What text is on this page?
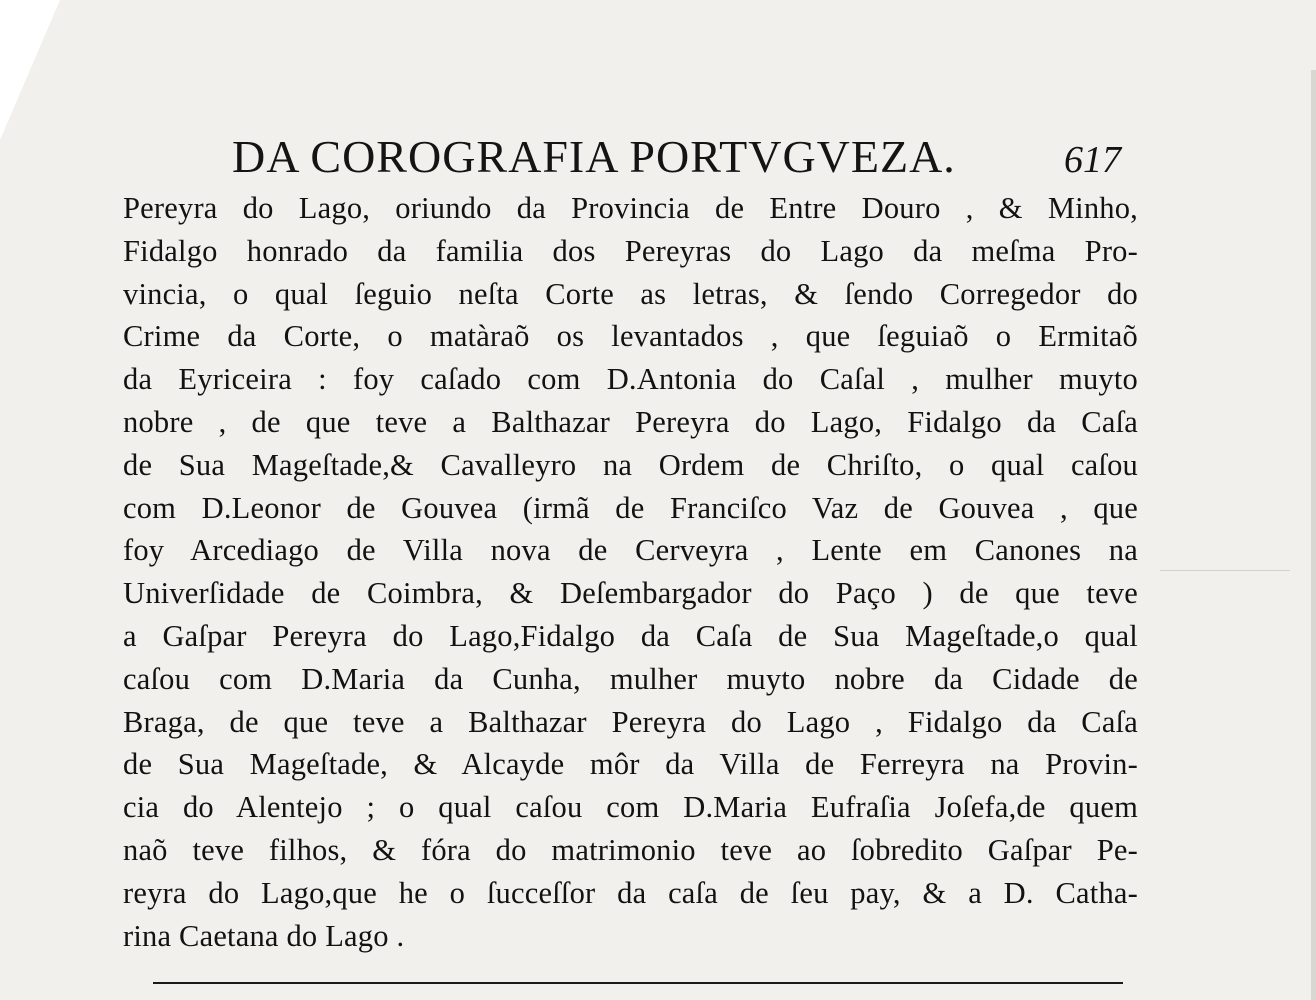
DA COROGRAFIA PORTVGVEZA.	617
Pereyra do Lago, oriundo da Provincia de Entre Douro , & Minho,
Fidalgo honrado da familia dos Pereyras do Lago da meſma Pro-
vincia, o qual ſeguio neſta Corte as letras, & ſendo Corregedor do
Crime da Corte, o matàraõ os levantados , que ſeguiaõ o Ermitaõ
da Eyriceira : foy caſado com D.Antonia do Caſal , mulher muyto
nobre , de que teve a Balthazar Pereyra do Lago, Fidalgo da Caſa
de Sua Mageſtade,& Cavalleyro na Ordem de Chriſto, o qual caſou
com D.Leonor de Gouvea (irmã de Franciſco Vaz de Gouvea , que
foy Arcediago de Villa nova de Cerveyra , Lente em Canones na
Univerſidade de Coimbra, & Deſembargador do Paço ) de que teve
a Gaſpar Pereyra do Lago,Fidalgo da Caſa de Sua Mageſtade,o qual
caſou com D.Maria da Cunha, mulher muyto nobre da Cidade de
Braga, de que teve a Balthazar Pereyra do Lago , Fidalgo da Caſa
de Sua Mageſtade, & Alcayde môr da Villa de Ferreyra na Provin-
cia do Alentejo ; o qual caſou com D.Maria Eufraſia Joſefa,de quem
naõ teve filhos, & fóra do matrimonio teve ao ſobredito Gaſpar Pe-
reyra do Lago,que he o ſucceſſor da caſa de ſeu pay, & a D. Catha-
rina Caetana do Lago .
